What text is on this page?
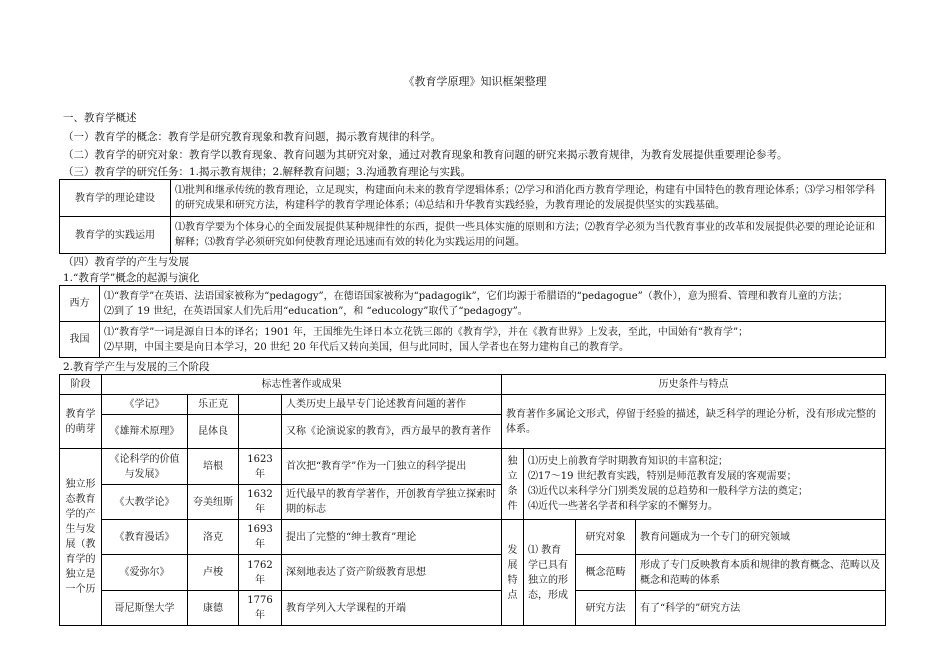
《教育学原理》知识框架整理
一、教育学概述
（一）教育学的概念：教育学是研究教育现象和教育问题，揭示教育规律的科学。
（二）教育学的研究对象：教育学以教育现象、教育问题为其研究对象，通过对教育现象和教育问题的研究来揭示教育规律，为教育发展提供重要理论参考。
（三）教育学的研究任务：1.揭示教育规律；2.解释教育问题；3.沟通教育理论与实践。
教育学的理论建设	⑴批判和继承传统的教育理论，立足现实，构建面向未来的教育学逻辑体系；⑵学习和消化西方教育学理论，构建有中国特色的教育理论体系；⑶学习相邻学科的研究成果和研究方法，构建科学的教育学理论体系；⑷总结和升华教育实践经验，为教育理论的发展提供坚实的实践基础。
教育学的实践运用	⑴教育学要为个体身心的全面发展提供某种规律性的东西，提供一些具体实施的原则和方法；⑵教育学必须为当代教育事业的改革和发展提供必要的理论论证和解释；⑶教育学必须研究如何使教育理论迅速而有效的转化为实践运用的问题。
（四）教育学的产生与发展
1.“教育学”概念的起源与演化
西方	⑴“教育学”在英语、法语国家被称为“pedagogy”，在德语国家被称为“padagogik”，它们均源于希腊语的“pedagogue”（教仆），意为照看、管理和教育儿童的方法；
⑵到了 19 世纪，在英语国家人们先后用“education”，和 “educology”取代了“pedagogy”。

我国	⑴“教育学”一词是源自日本的译名；1901 年，王国维先生译日本立花铣三郎的《教育学》，并在《教育世界》上发表，至此，中国始有“教育学”；
⑵早期，中国主要是向日本学习，20 世纪 20 年代后又转向美国，但与此同时，国人学者也在努力建构自己的教育学。
2.教育学产生与发展的三个阶段
阶段	标志性著作或成果				历史条件与特点			
教育学的萌芽	《学记》	乐正克		人类历史上最早专门论述教育问题的著作	教育著作多属论文形式，停留于经验的描述，缺乏科学的理论分析，没有形成完整的体系。			
	《雄辩术原理》	昆体良		又称《论演说家的教育》，西方最早的教育著作				
独立形态教育学的产生与发展（教育学的独立是一个历	《论科学的价值与发展》	培根	1623 年	首次把“教育学”作为一门独立的科学提出	独立条件	⑴历史上前教育学时期教育知识的丰富积淀；
⑵17～19 世纪教育实践，特别是师范教育发展的客观需要；
⑶近代以来科学分门别类发展的总趋势和一般科学方法的奠定；
⑷近代一些著名学者和科学家的不懈努力。		

	《大教学论》	夸美纽斯	1632 年	近代最早的教育学著作，开创教育学独立探索时期的标志				
	《教育漫话》	洛克	1693 年	提出了完整的“绅士教育”理论	发展特点	⑴ 教育学已具有独立的形态，形成	研究对象	教育问题成为一个专门的研究领域
	《爱弥尔》	卢梭	1762 年	深刻地表达了资产阶级教育思想			概念范畴	形成了专门反映教育本质和规律的教育概念、范畴以及概念和范畴的体系
	哥尼斯堡大学	康德	1776 年	教育学列入大学课程的开端			研究方法	有了“科学的”研究方法
